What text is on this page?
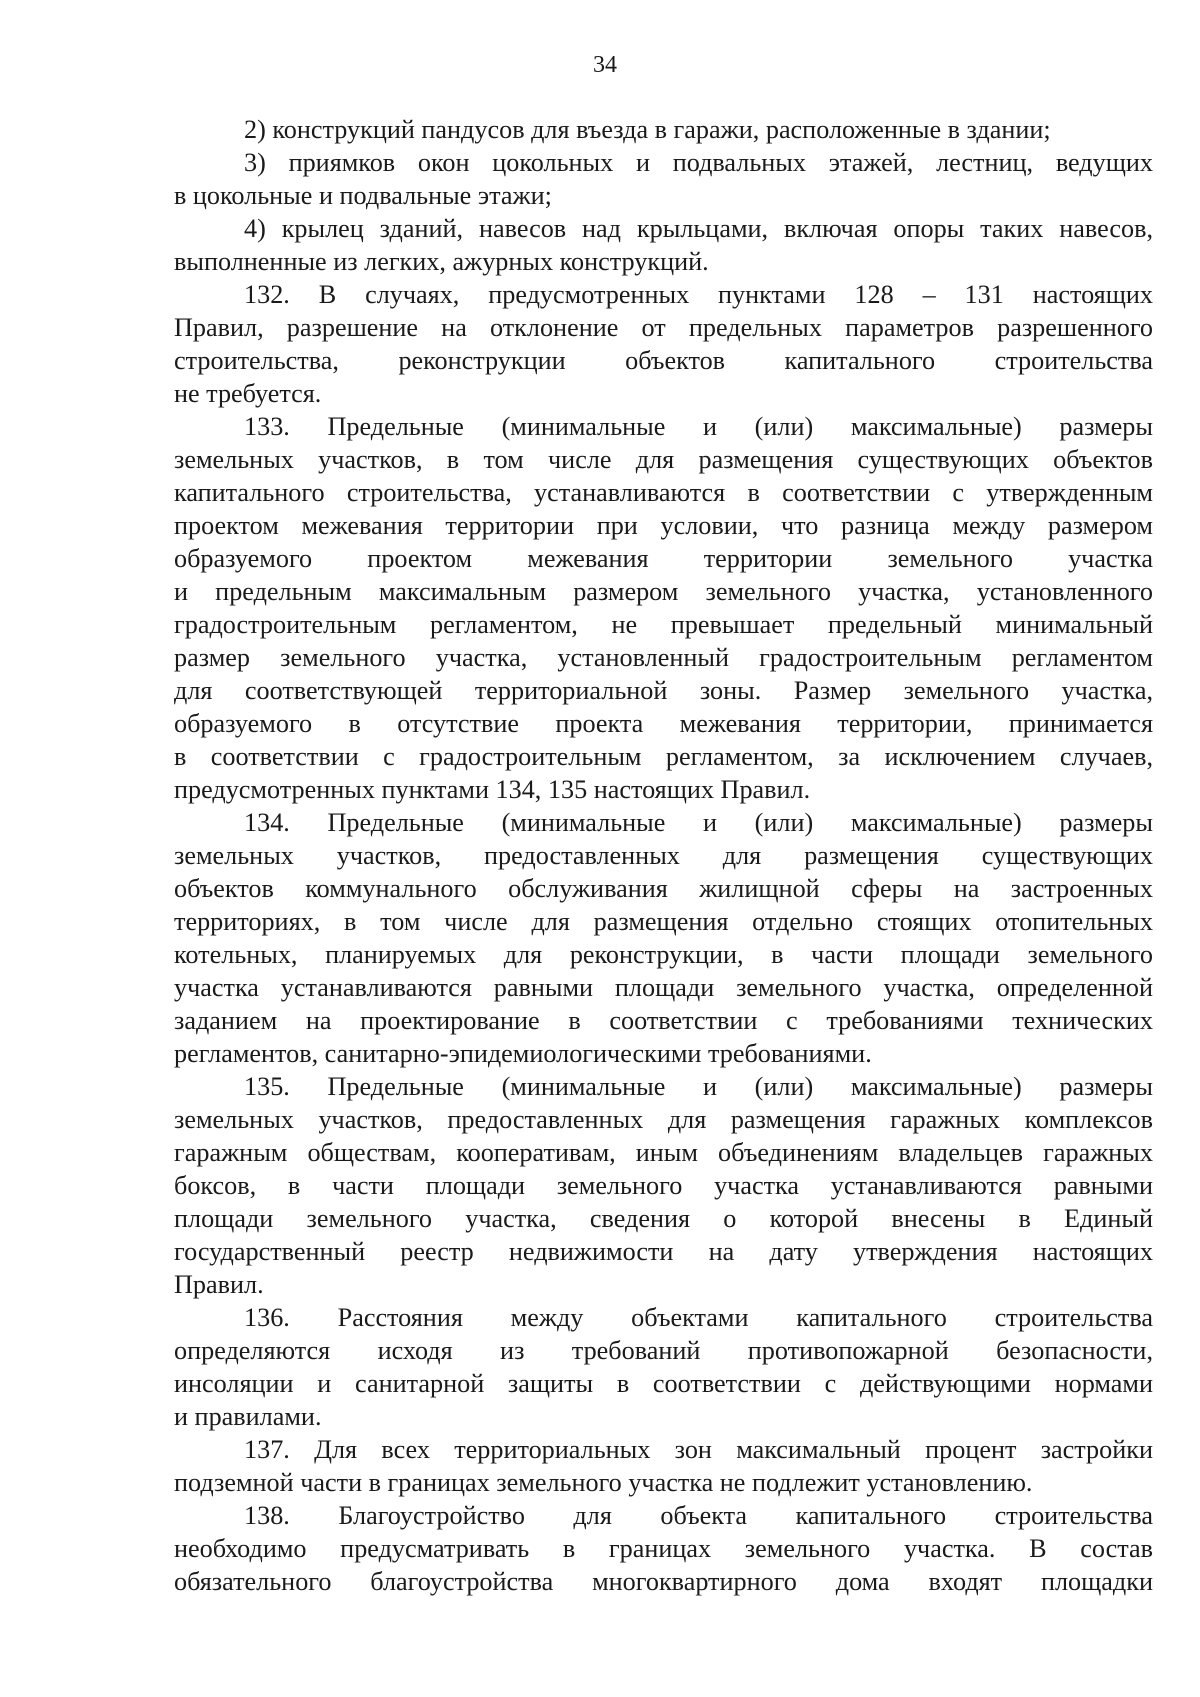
34
2) конструкций пандусов для въезда в гаражи, расположенные в здании;
3) приямков окон цокольных и подвальных этажей, лестниц, ведущих
в цокольные и подвальные этажи;
4) крылец зданий, навесов над крыльцами, включая опоры таких навесов,
выполненные из легких, ажурных конструкций.
132. В случаях, предусмотренных пунктами 128 – 131 настоящих
Правил, разрешение на отклонение от предельных параметров разрешенного
строительства, реконструкции объектов капитального строительства
не требуется.
133. Предельные (минимальные и (или) максимальные) размеры
земельных участков, в том числе для размещения существующих объектов
капитального строительства, устанавливаются в соответствии с утвержденным
проектом межевания территории при условии, что разница между размером
образуемого проектом межевания территории земельного участка
и предельным максимальным размером земельного участка, установленного
градостроительным регламентом, не превышает предельный минимальный
размер земельного участка, установленный градостроительным регламентом
для соответствующей территориальной зоны. Размер земельного участка,
образуемого в отсутствие проекта межевания территории, принимается
в соответствии с градостроительным регламентом, за исключением случаев,
предусмотренных пунктами 134, 135 настоящих Правил.
134. Предельные (минимальные и (или) максимальные) размеры
земельных участков, предоставленных для размещения существующих
объектов коммунального обслуживания жилищной сферы на застроенных
территориях, в том числе для размещения отдельно стоящих отопительных
котельных, планируемых для реконструкции, в части площади земельного
участка устанавливаются равными площади земельного участка, определенной
заданием на проектирование в соответствии с требованиями технических
регламентов, санитарно-эпидемиологическими требованиями.
135. Предельные (минимальные и (или) максимальные) размеры
земельных участков, предоставленных для размещения гаражных комплексов
гаражным обществам, кооперативам, иным объединениям владельцев гаражных
боксов, в части площади земельного участка устанавливаются равными
площади земельного участка, сведения о которой внесены в Единый
государственный реестр недвижимости на дату утверждения настоящих
Правил.
136. Расстояния между объектами капитального строительства
определяются исходя из требований противопожарной безопасности,
инсоляции и санитарной защиты в соответствии с действующими нормами
и правилами.
137. Для всех территориальных зон максимальный процент застройки
подземной части в границах земельного участка не подлежит установлению.
138. Благоустройство для объекта капитального строительства
необходимо предусматривать в границах земельного участка. В состав
обязательного благоустройства многоквартирного дома входят площадки
